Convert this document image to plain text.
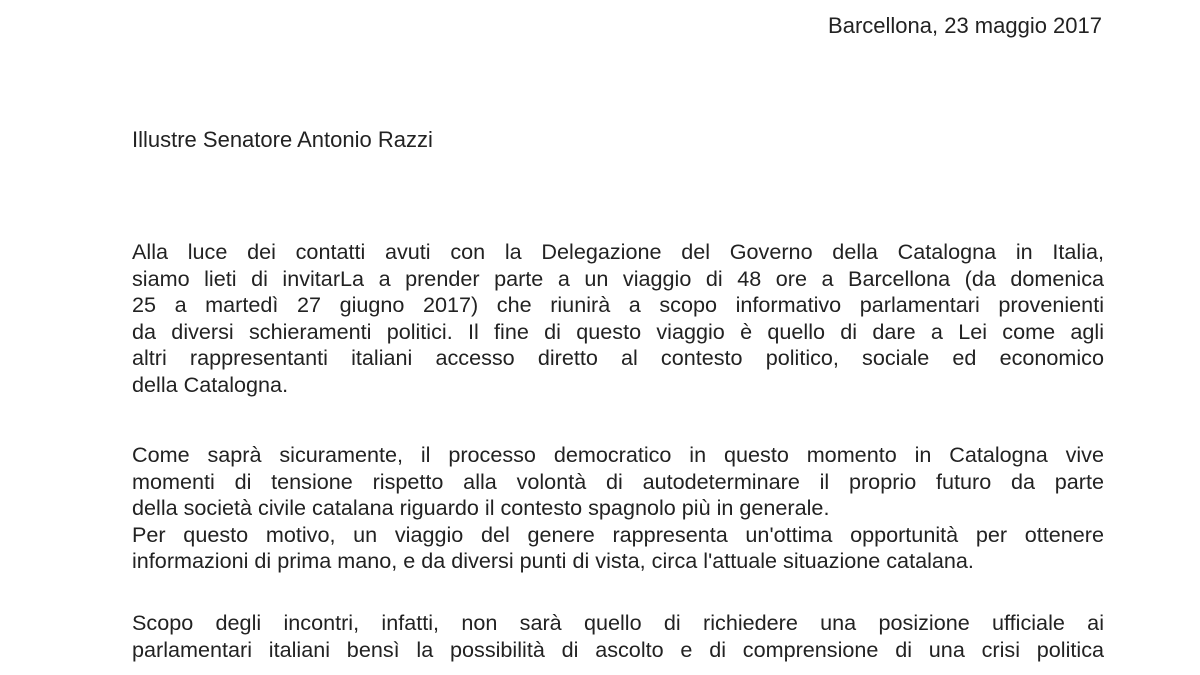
Barcellona, 23 maggio 2017
Illustre Senatore Antonio Razzi

Alla luce dei contatti avuti con la Delegazione del Governo della Catalogna in Italia,
siamo lieti di invitarLa a prender parte a un viaggio di 48 ore a Barcellona (da domenica
25 a martedì 27 giugno 2017) che riunirà a scopo informativo parlamentari provenienti
da diversi schieramenti politici. Il fine di questo viaggio è quello di dare a Lei come agli
altri rappresentanti italiani accesso diretto al contesto politico, sociale ed economico
della Catalogna.

Come saprà sicuramente, il processo democratico in questo momento in Catalogna vive
momenti di tensione rispetto alla volontà di autodeterminare il proprio futuro da parte
della società civile catalana riguardo il contesto spagnolo più in generale.
Per questo motivo, un viaggio del genere rappresenta un'ottima opportunità per ottenere
informazioni di prima mano, e da diversi punti di vista, circa l'attuale situazione catalana.

Scopo degli incontri, infatti, non sarà quello di richiedere una posizione ufficiale ai
parlamentari italiani bensì la possibilità di ascolto e di comprensione di una crisi politica
